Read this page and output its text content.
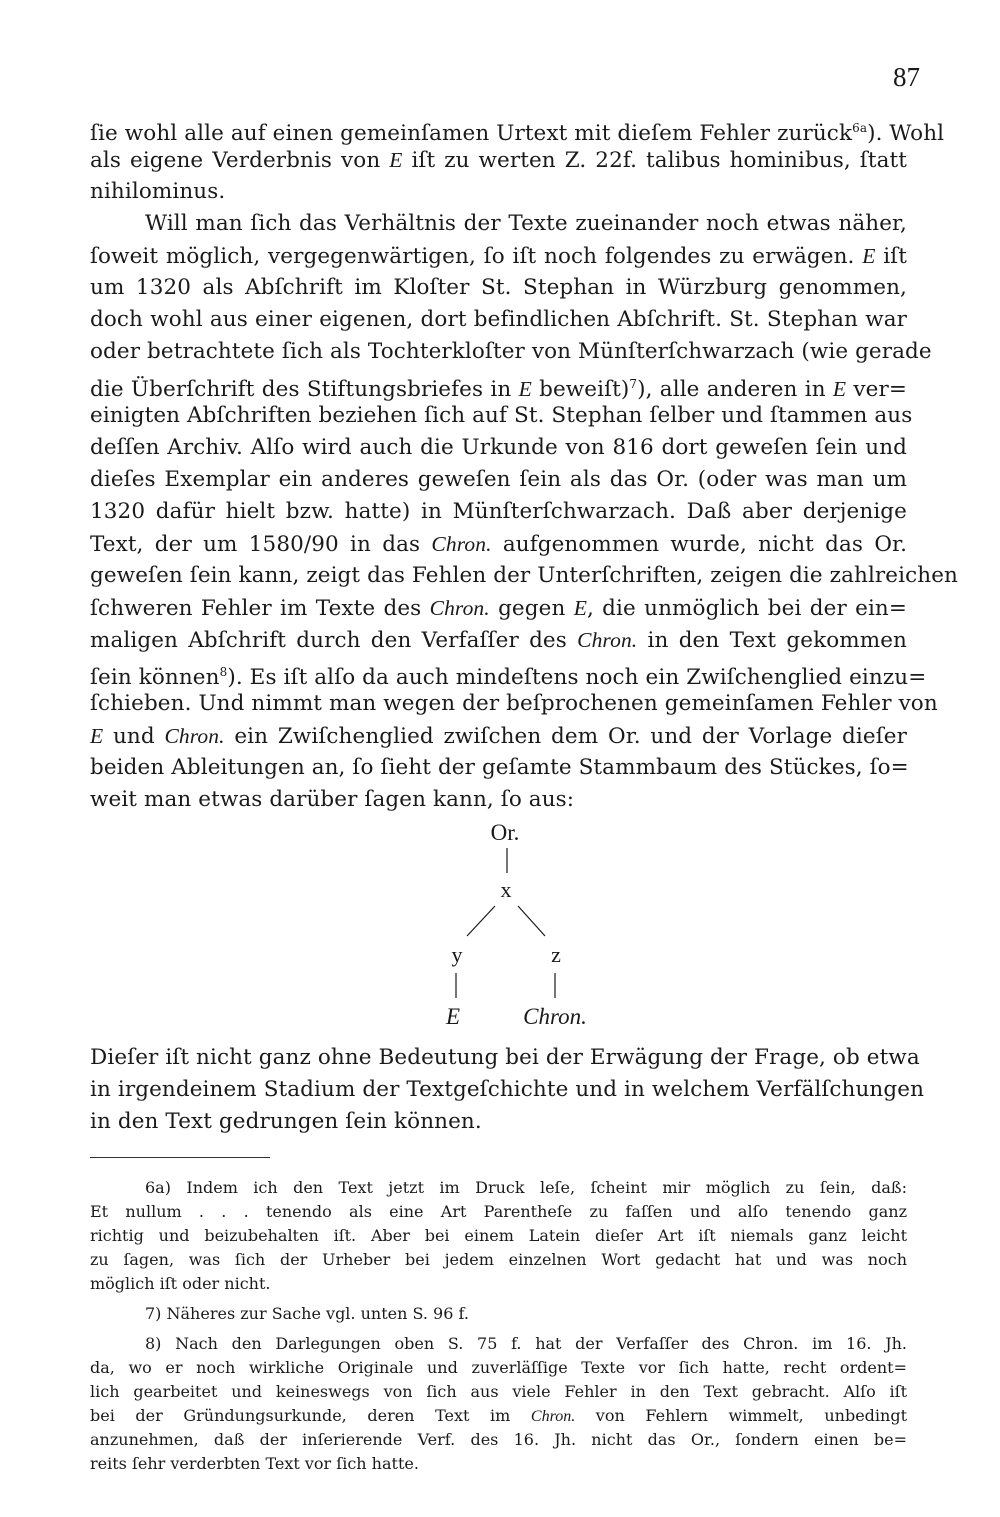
87
ſie wohl alle auf einen gemeinſamen Urtext mit dieſem Fehler zurück$^{6a}$). Wohl
als eigene Verderbnis von E iſt zu werten Z. 22f. talibus hominibus, ſtatt
nihilominus.
Will man ſich das Verhältnis der Texte zueinander noch etwas näher,
ſoweit möglich, vergegenwärtigen, ſo iſt noch folgendes zu erwägen. E iſt
um 1320 als Abſchrift im Kloſter St. Stephan in Würzburg genommen,
doch wohl aus einer eigenen, dort befindlichen Abſchrift. St. Stephan war
oder betrachtete ſich als Tochterkloſter von Münſterſchwarzach (wie gerade
die Überſchrift des Stiftungsbriefes in E beweiſt)$^7$), alle anderen in E ver=
einigten Abſchriften beziehen ſich auf St. Stephan ſelber und ſtammen aus
deſſen Archiv. Alſo wird auch die Urkunde von 816 dort geweſen ſein und
dieſes Exemplar ein anderes geweſen ſein als das Or. (oder was man um
1320 dafür hielt bzw. hatte) in Münſterſchwarzach. Daß aber derjenige
Text, der um 1580/90 in das Chron. aufgenommen wurde, nicht das Or.
geweſen ſein kann, zeigt das Fehlen der Unterſchriften, zeigen die zahlreichen
ſchweren Fehler im Texte des Chron. gegen E, die unmöglich bei der ein=
maligen Abſchrift durch den Verfaſſer des Chron. in den Text gekommen
ſein können$^8$). Es iſt alſo da auch mindeſtens noch ein Zwiſchenglied einzu=
ſchieben. Und nimmt man wegen der beſprochenen gemeinſamen Fehler von
E und Chron. ein Zwiſchenglied zwiſchen dem Or. und der Vorlage dieſer
beiden Ableitungen an, ſo ſieht der geſamte Stammbaum des Stückes, ſo=
weit man etwas darüber ſagen kann, ſo aus:
Or.
x
y	z
E	Chron.
Dieſer iſt nicht ganz ohne Bedeutung bei der Erwägung der Frage, ob etwa
in irgendeinem Stadium der Textgeſchichte und in welchem Verfälſchungen
in den Text gedrungen ſein können.
6a) Indem ich den Text jetzt im Druck leſe, ſcheint mir möglich zu ſein, daß:
Et nullum . . . tenendo als eine Art Parentheſe zu faſſen und alſo tenendo ganz
richtig und beizubehalten iſt. Aber bei einem Latein dieſer Art iſt niemals ganz leicht
zu ſagen, was ſich der Urheber bei jedem einzelnen Wort gedacht hat und was noch
möglich iſt oder nicht.
7) Näheres zur Sache vgl. unten S. 96 f.
8) Nach den Darlegungen oben S. 75 f. hat der Verfaſſer des Chron. im 16. Jh.
da, wo er noch wirkliche Originale und zuverläſſige Texte vor ſich hatte, recht ordent=
lich gearbeitet und keineswegs von ſich aus viele Fehler in den Text gebracht. Alſo iſt
bei der Gründungsurkunde, deren Text im Chron. von Fehlern wimmelt, unbedingt
anzunehmen, daß der inſerierende Verf. des 16. Jh. nicht das Or., ſondern einen be=
reits ſehr verderbten Text vor ſich hatte.
